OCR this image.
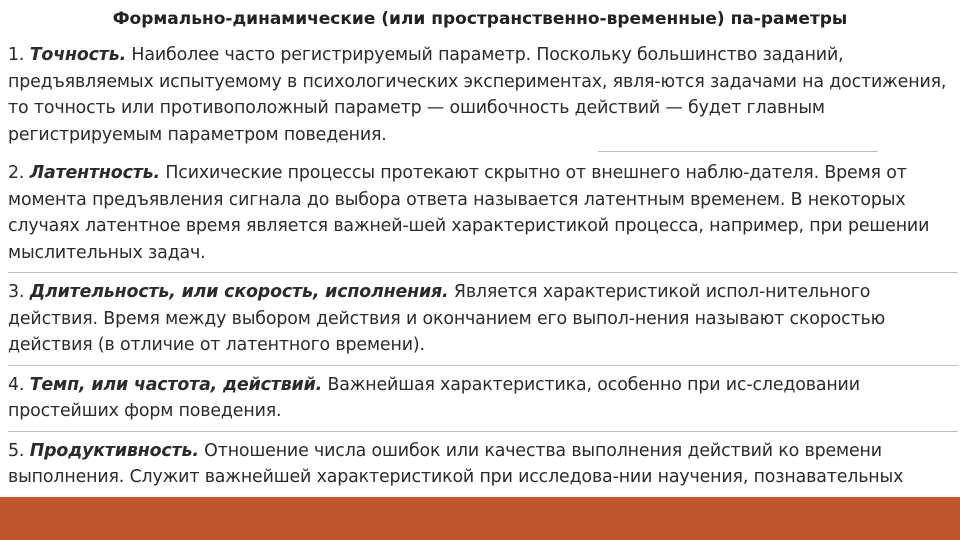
Формально-динамические (или пространственно-временные) па-раметры
1. Точность. Наиболее часто регистрируемый параметр. Поскольку большинство заданий, предъявляемых испытуемому в психологических экспериментах, явля-ются задачами на достижения, то точность или противоположный параметр — ошибочность действий — будет главным регистрируемым параметром поведения.
2. Латентность. Психические процессы протекают скрытно от внешнего наблю-дателя. Время от момента предъявления сигнала до выбора ответа называется латентным временем. В некоторых случаях латентное время является важней-шей характеристикой процесса, например, при решении мыслительных задач.
3. Длительность, или скорость, исполнения. Является характеристикой испол-нительного действия. Время между выбором действия и окончанием его выпол-нения называют скоростью действия (в отличие от латентного времени).
4. Темп, или частота, действий. Важнейшая характеристика, особенно при ис-следовании простейших форм поведения.
5. Продуктивность. Отношение числа ошибок или качества выполнения действий ко времени выполнения. Служит важнейшей характеристикой при исследова-нии научения, познавательных
